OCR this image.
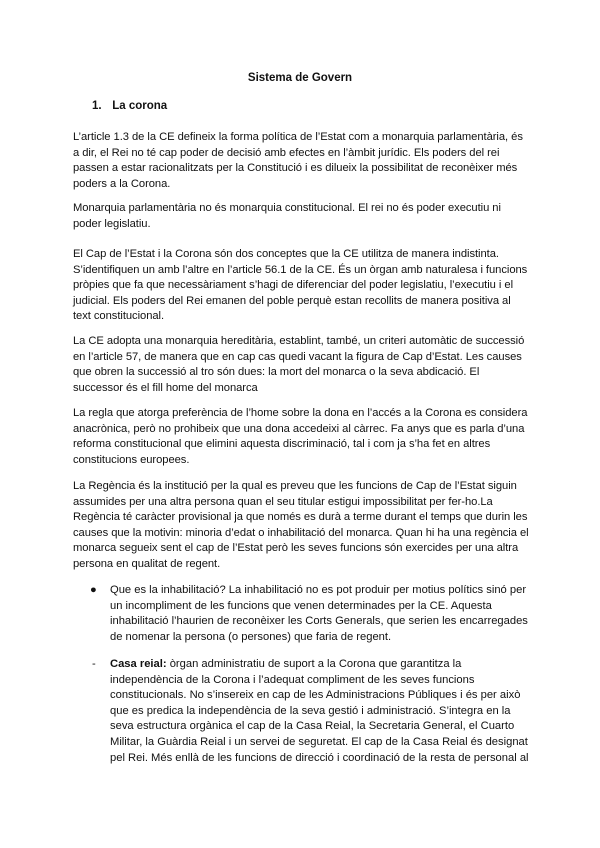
Sistema de Govern
1. La corona

L’article 1.3 de la CE defineix la forma política de l’Estat com a monarquia parlamentària, és a dir, el Rei no té cap poder de decisió amb efectes en l’àmbit jurídic. Els poders del rei passen a estar racionalitzats per la Constitució i es dilueix la possibilitat de reconèixer més poders a la Corona.

Monarquia parlamentària no és monarquia constitucional. El rei no és poder executiu ni poder legislatiu.

El Cap de l’Estat i la Corona són dos conceptes que la CE utilitza de manera indistinta. S’identifiquen un amb l’altre en l’article 56.1 de la CE. És un òrgan amb naturalesa i funcions pròpies que fa que necessàriament s’hagi de diferenciar del poder legislatiu, l’executiu i el judicial. Els poders del Rei emanen del poble perquè estan recollits de manera positiva al text constitucional.

La CE adopta una monarquia hereditària, establint, també, un criteri automàtic de successió en l’article 57, de manera que en cap cas quedi vacant la figura de Cap d’Estat. Les causes que obren la successió al tro són dues: la mort del monarca o la seva abdicació. El successor és el fill home del monarca

La regla que atorga preferència de l’home sobre la dona en l’accés a la Corona es considera anacrònica, però no prohibeix que una dona accedeixi al càrrec. Fa anys que es parla d’una reforma constitucional que elimini aquesta discriminació, tal i com ja s’ha fet en altres constitucions europees.

La Regència és la institució per la qual es preveu que les funcions de Cap de l’Estat siguin assumides per una altra persona quan el seu titular estigui impossibilitat per fer-ho.La Regència té caràcter provisional ja que només es durà a terme durant el temps que durin les causes que la motivin: minoria d’edat o inhabilitació del monarca. Quan hi ha una regència el monarca segueix sent el cap de l’Estat però les seves funcions són exercides per una altra persona en qualitat de regent.

● Que es la inhabilitació? La inhabilitació no es pot produir per motius polítics sinó per un incompliment de les funcions que venen determinades per la CE. Aquesta inhabilitació l’haurien de reconèixer les Corts Generals, que serien les encarregades de nomenar la persona (o persones) que faria de regent.
- Casa reial: òrgan administratiu de suport a la Corona que garantitza la independència de la Corona i l’adequat compliment de les seves funcions constitucionals. No s’insereix en cap de les Administracions Públiques i és per això que es predica la independència de la seva gestió i administració. S’integra en la seva estructura orgànica el cap de la Casa Reial, la Secretaria General, el Cuarto Militar, la Guàrdia Reial i un servei de seguretat. El cap de la Casa Reial és designat pel Rei. Més enllà de les funcions de direcció i coordinació de la resta de personal al
